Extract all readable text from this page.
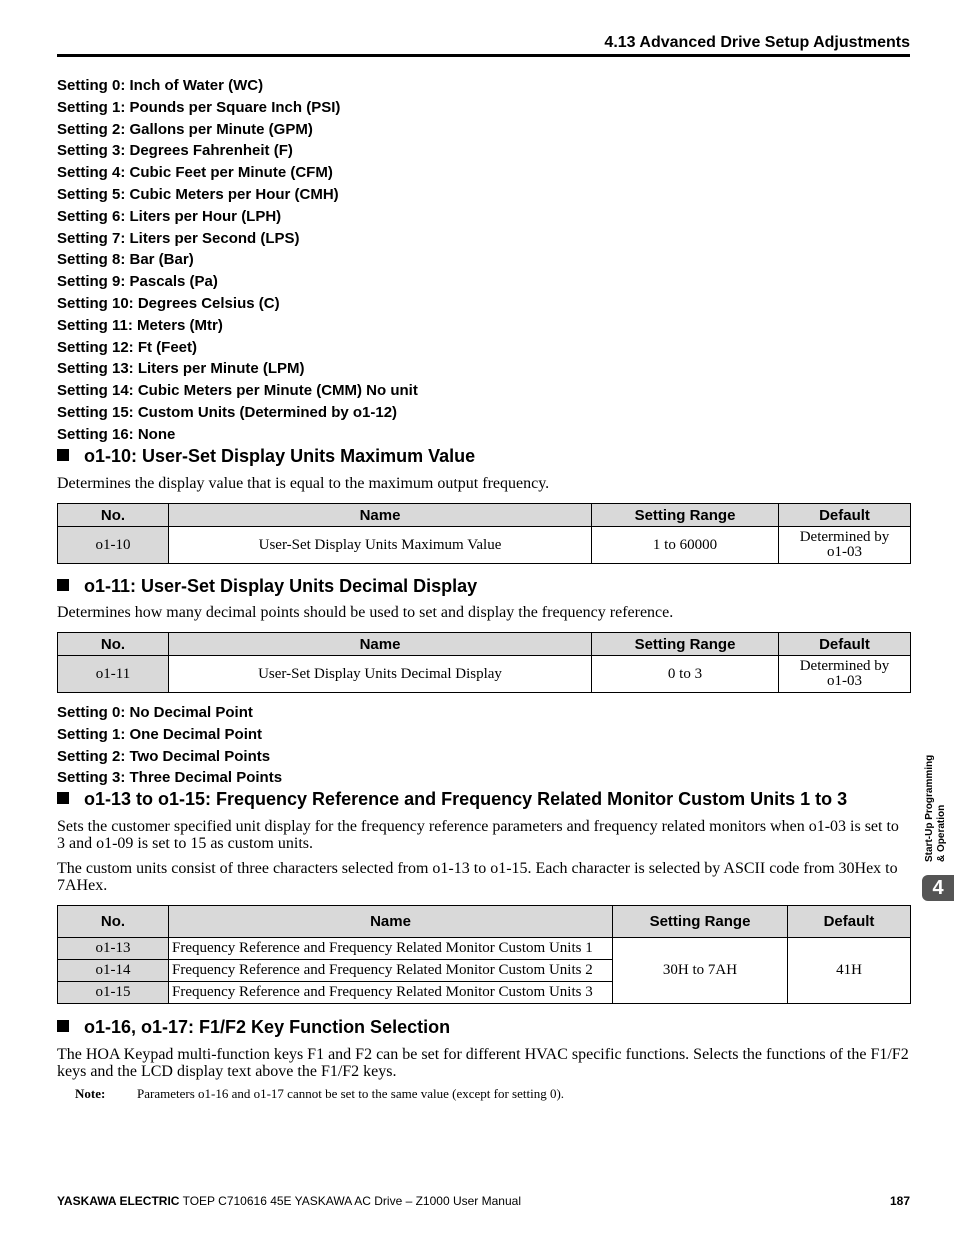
4.13 Advanced Drive Setup Adjustments
Setting 0: Inch of Water (WC)
Setting 1: Pounds per Square Inch (PSI)
Setting 2: Gallons per Minute (GPM)
Setting 3: Degrees Fahrenheit (F)
Setting 4: Cubic Feet per Minute (CFM)
Setting 5: Cubic Meters per Hour (CMH)
Setting 6: Liters per Hour (LPH)
Setting 7: Liters per Second (LPS)
Setting 8: Bar (Bar)
Setting 9: Pascals (Pa)
Setting 10: Degrees Celsius (C)
Setting 11: Meters (Mtr)
Setting 12: Ft (Feet)
Setting 13: Liters per Minute (LPM)
Setting 14: Cubic Meters per Minute (CMM) No unit
Setting 15: Custom Units (Determined by o1-12)
Setting 16: None
o1-10: User-Set Display Units Maximum Value
Determines the display value that is equal to the maximum output frequency.
No.	Name	Setting Range	Default
o1-10	User-Set Display Units Maximum Value	1 to 60000	Determined by
o1-03
o1-11: User-Set Display Units Decimal Display
Determines how many decimal points should be used to set and display the frequency reference.
No.	Name	Setting Range	Default
o1-11	User-Set Display Units Decimal Display	0 to 3	Determined by
o1-03
Setting 0: No Decimal Point
Setting 1: One Decimal Point
Setting 2: Two Decimal Points
Setting 3: Three Decimal Points
o1-13 to o1-15: Frequency Reference and Frequency Related Monitor Custom Units 1 to 3
Sets the customer specified unit display for the frequency reference parameters and frequency related monitors when o1-03 is set to 3 and o1-09 is set to 15 as custom units.
The custom units consist of three characters selected from o1-13 to o1-15. Each character is selected by ASCII code from 30Hex to 7AHex.
No.	Name	Setting Range	Default
o1-13	Frequency Reference and Frequency Related Monitor Custom Units 1	30H to 7AH	41H
o1-14	Frequency Reference and Frequency Related Monitor Custom Units 2		
o1-15	Frequency Reference and Frequency Related Monitor Custom Units 3		
o1-16, o1-17: F1/F2 Key Function Selection
The HOA Keypad multi-function keys F1 and F2 can be set for different HVAC specific functions. Selects the functions of the F1/F2 keys and the LCD display text above the F1/F2 keys.
Note: Parameters o1-16 and o1-17 cannot be set to the same value (except for setting 0).
Start-Up Programming & Operation
4
YASKAWA ELECTRIC TOEP C710616 45E YASKAWA AC Drive – Z1000 User Manual	187
